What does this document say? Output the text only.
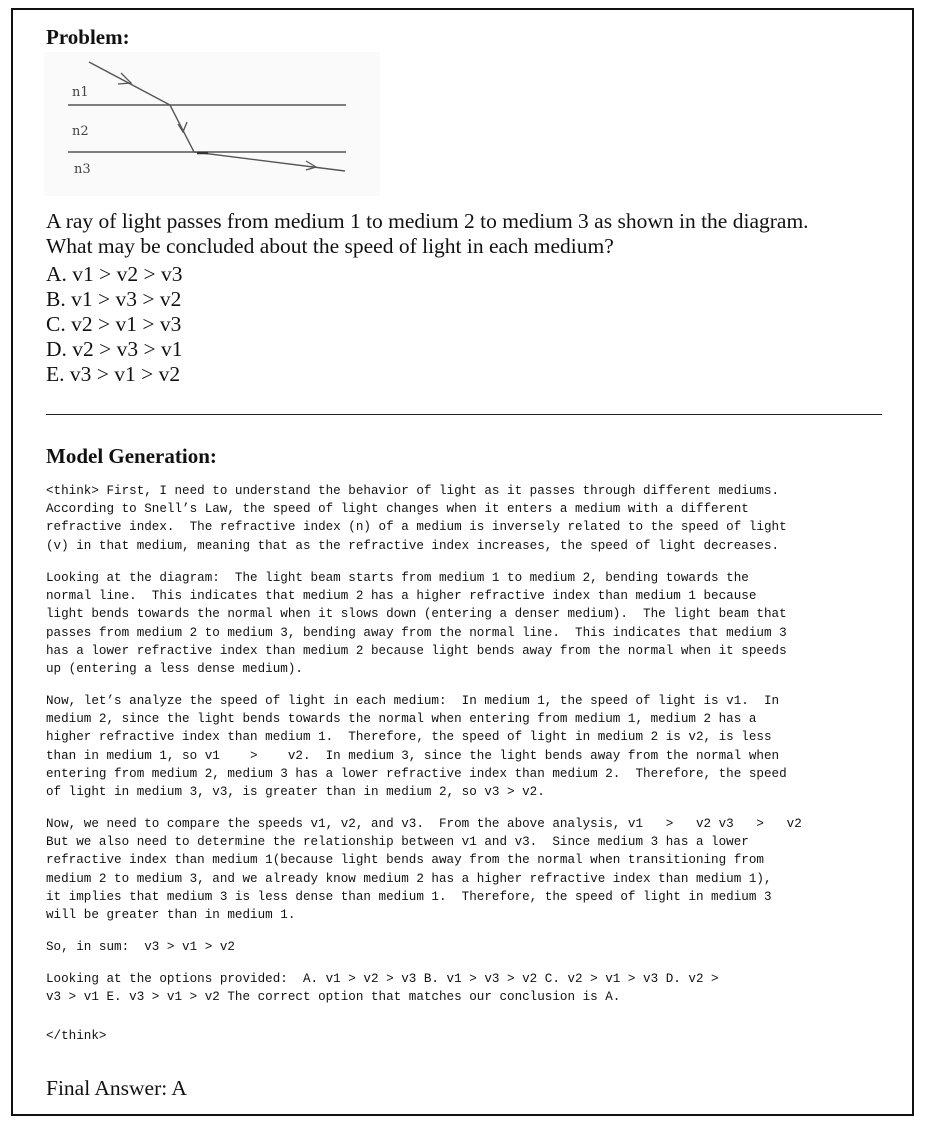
Problem:
n1
n2
n3
A ray of light passes from medium 1 to medium 2 to medium 3 as shown in the diagram.
What may be concluded about the speed of light in each medium?
A. v1 > v2 > v3
B. v1 > v3 > v2
C. v2 > v1 > v3
D. v2 > v3 > v1
E. v3 > v1 > v2
Model Generation:
<think> First, I need to understand the behavior of light as it passes through different mediums.
According to Snell’s Law, the speed of light changes when it enters a medium with a different
refractive index.  The refractive index (n) of a medium is inversely related to the speed of light
(v) in that medium, meaning that as the refractive index increases, the speed of light decreases.
Looking at the diagram:  The light beam starts from medium 1 to medium 2, bending towards the
normal line.  This indicates that medium 2 has a higher refractive index than medium 1 because
light bends towards the normal when it slows down (entering a denser medium).  The light beam that
passes from medium 2 to medium 3, bending away from the normal line.  This indicates that medium 3
has a lower refractive index than medium 2 because light bends away from the normal when it speeds
up (entering a less dense medium).
Now, let’s analyze the speed of light in each medium:  In medium 1, the speed of light is v1.  In
medium 2, since the light bends towards the normal when entering from medium 1, medium 2 has a
higher refractive index than medium 1.  Therefore, the speed of light in medium 2 is v2, is less
than in medium 1, so v1    >    v2.  In medium 3, since the light bends away from the normal when
entering from medium 2, medium 3 has a lower refractive index than medium 2.  Therefore, the speed
of light in medium 3, v3, is greater than in medium 2, so v3 > v2.
Now, we need to compare the speeds v1, v2, and v3.  From the above analysis, v1   >   v2 v3   >   v2
But we also need to determine the relationship between v1 and v3.  Since medium 3 has a lower
refractive index than medium 1(because light bends away from the normal when transitioning from
medium 2 to medium 3, and we already know medium 2 has a higher refractive index than medium 1),
it implies that medium 3 is less dense than medium 1.  Therefore, the speed of light in medium 3
will be greater than in medium 1.
So, in sum:  v3 > v1 > v2
Looking at the options provided:  A. v1 > v2 > v3 B. v1 > v3 > v2 C. v2 > v1 > v3 D. v2 >
v3 > v1 E. v3 > v1 > v2 The correct option that matches our conclusion is A.
</think>
Final Answer: A
